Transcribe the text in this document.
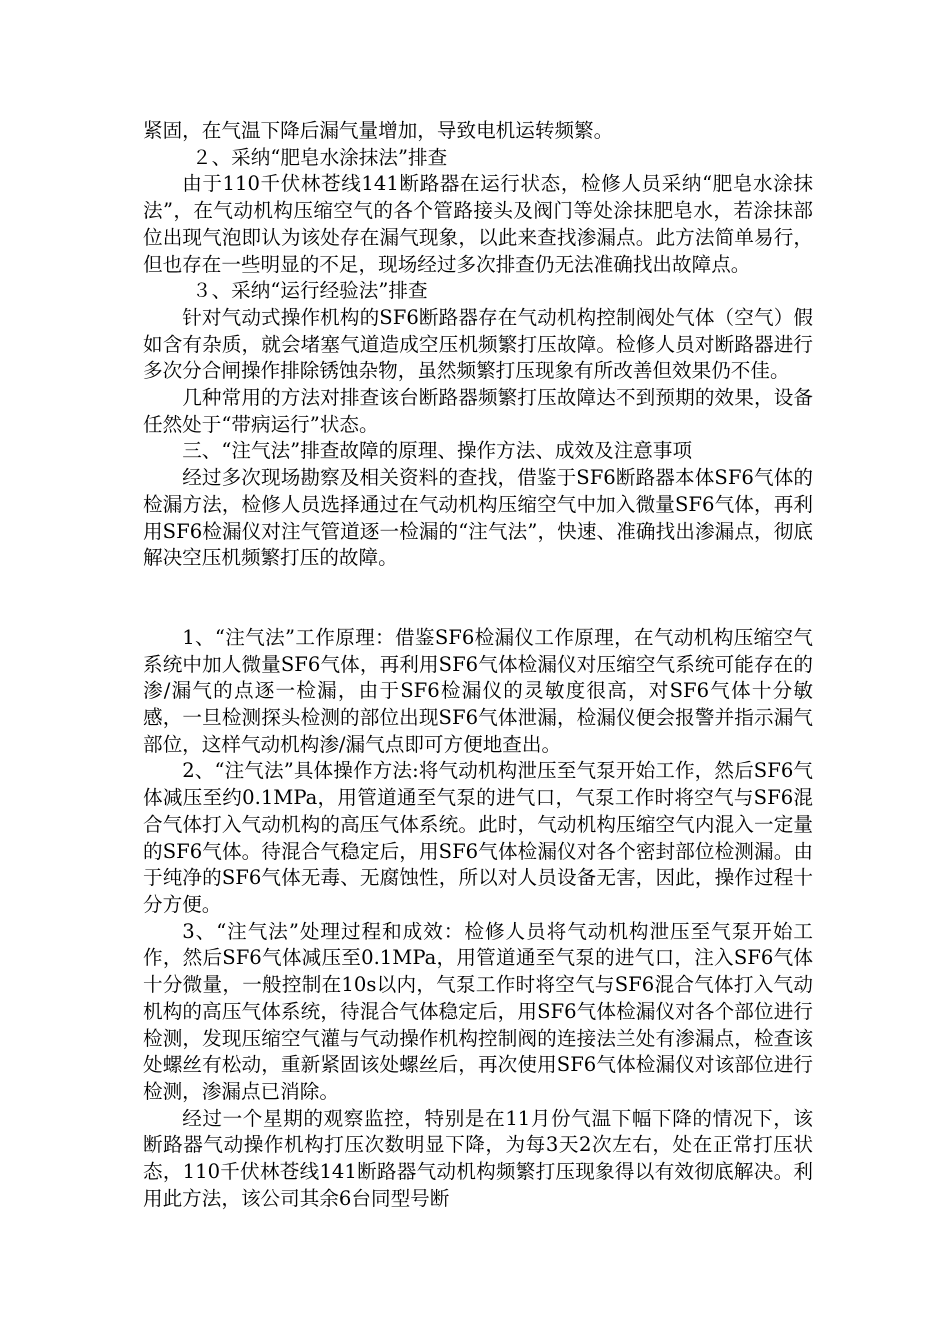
紧固，在气温下降后漏气量增加，导致电机运转频繁。

２、采纳“肥皂水涂抹法”排查

由于110千伏林苍线141断路器在运行状态，检修人员采纳“肥皂水涂抹法”，在气动机构压缩空气的各个管路接头及阀门等处涂抹肥皂水，若涂抹部位出现气泡即认为该处存在漏气现象，以此来查找渗漏点。此方法简单易行，但也存在一些明显的不足，现场经过多次排查仍无法准确找出故障点。

３、采纳“运行经验法”排查

针对气动式操作机构的SF6断路器存在气动机构控制阀处气体（空气）假如含有杂质，就会堵塞气道造成空压机频繁打压故障。检修人员对断路器进行多次分合闸操作排除锈蚀杂物，虽然频繁打压现象有所改善但效果仍不佳。

几种常用的方法对排查该台断路器频繁打压故障达不到预期的效果，设备任然处于“带病运行”状态。

三、“注气法”排查故障的原理、操作方法、成效及注意事项

经过多次现场勘察及相关资料的查找，借鉴于SF6断路器本体SF6气体的检漏方法，检修人员选择通过在气动机构压缩空气中加入微量SF6气体，再利用SF6检漏仪对注气管道逐一检漏的“注气法”，快速、准确找出渗漏点，彻底解决空压机频繁打压的故障。

1、“注气法”工作原理：借鉴SF6检漏仪工作原理，在气动机构压缩空气系统中加人微量SF6气体，再利用SF6气体检漏仪对压缩空气系统可能存在的渗/漏气的点逐一检漏，由于SF6检漏仪的灵敏度很高，对SF6气体十分敏感，一旦检测探头检测的部位出现SF6气体泄漏，检漏仪便会报警并指示漏气部位，这样气动机构渗/漏气点即可方便地查出。

2、“注气法”具体操作方法:将气动机构泄压至气泵开始工作，然后SF6气体减压至约0.1MPa，用管道通至气泵的进气口，气泵工作时将空气与SF6混合气体打入气动机构的高压气体系统。此时，气动机构压缩空气内混入一定量的SF6气体。待混合气稳定后，用SF6气体检漏仪对各个密封部位检测漏。由于纯净的SF6气体无毒、无腐蚀性，所以对人员设备无害，因此，操作过程十分方便。

3、“注气法”处理过程和成效：检修人员将气动机构泄压至气泵开始工作，然后SF6气体减压至0.1MPa，用管道通至气泵的进气口，注入SF6气体十分微量，一般控制在10s以内，气泵工作时将空气与SF6混合气体打入气动机构的高压气体系统，待混合气体稳定后，用SF6气体检漏仪对各个部位进行检测，发现压缩空气灌与气动操作机构控制阀的连接法兰处有渗漏点，检查该处螺丝有松动，重新紧固该处螺丝后，再次使用SF6气体检漏仪对该部位进行检测，渗漏点已消除。

经过一个星期的观察监控，特别是在11月份气温下幅下降的情况下，该断路器气动操作机构打压次数明显下降，为每3天2次左右，处在正常打压状态，110千伏林苍线141断路器气动机构频繁打压现象得以有效彻底解决。利用此方法，该公司其余6台同型号断
